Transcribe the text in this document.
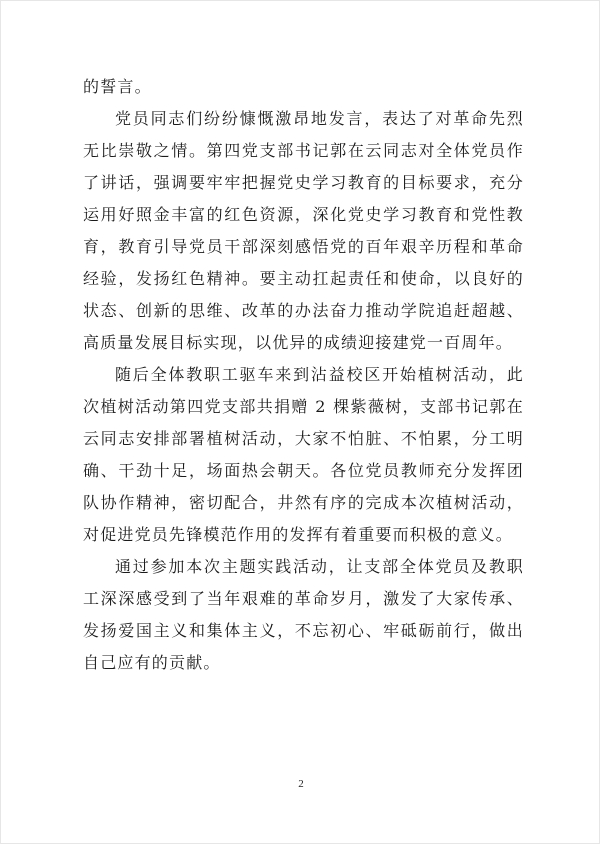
的誓言。

党员同志们纷纷慷慨激昂地发言，表达了对革命先烈无比崇敬之情。第四党支部书记郭在云同志对全体党员作了讲话，强调要牢牢把握党史学习教育的目标要求，充分运用好照金丰富的红色资源，深化党史学习教育和党性教育，教育引导党员干部深刻感悟党的百年艰辛历程和革命经验，发扬红色精神。要主动扛起责任和使命，以良好的状态、创新的思维、改革的办法奋力推动学院追赶超越、高质量发展目标实现，以优异的成绩迎接建党一百周年。

随后全体教职工驱车来到沾益校区开始植树活动，此次植树活动第四党支部共捐赠 2 棵紫薇树，支部书记郭在云同志安排部署植树活动，大家不怕脏、不怕累，分工明确、干劲十足，场面热会朝天。各位党员教师充分发挥团队协作精神，密切配合，井然有序的完成本次植树活动，对促进党员先锋模范作用的发挥有着重要而积极的意义。

通过参加本次主题实践活动，让支部全体党员及教职工深深感受到了当年艰难的革命岁月，激发了大家传承、发扬爱国主义和集体主义，不忘初心、牢砥砺前行，做出自己应有的贡献。

2
